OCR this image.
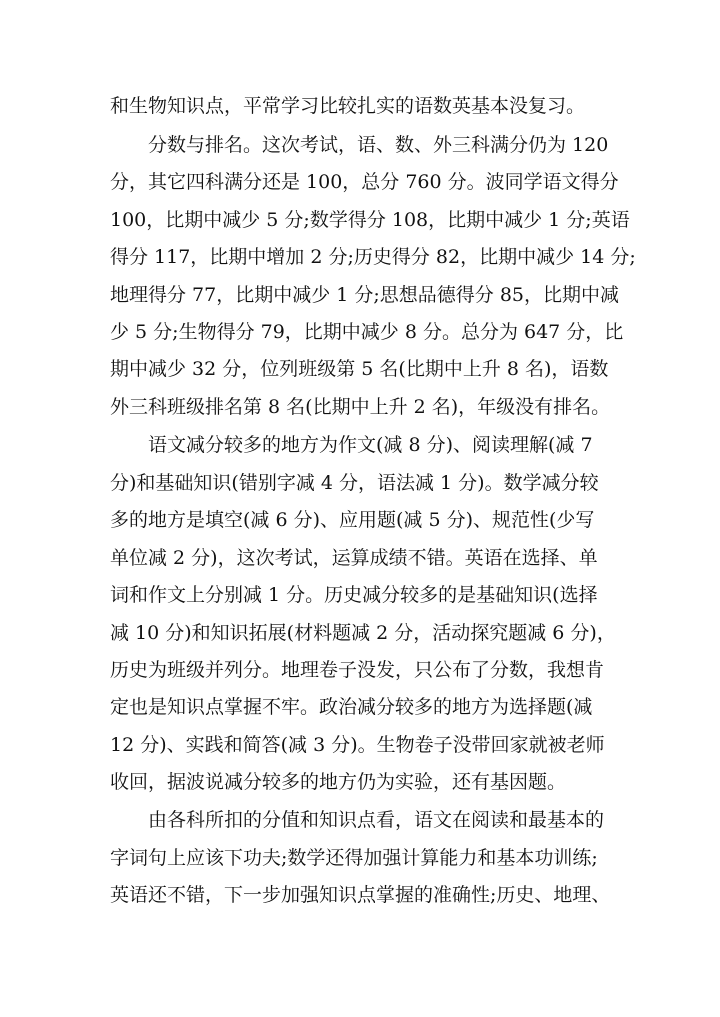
和生物知识点，平常学习比较扎实的语数英基本没复习。
分数与排名。这次考试，语、数、外三科满分仍为 120
分，其它四科满分还是 100，总分 760 分。波同学语文得分
100，比期中减少 5 分;数学得分 108，比期中减少 1 分;英语
得分 117，比期中增加 2 分;历史得分 82，比期中减少 14 分;
地理得分 77，比期中减少 1 分;思想品德得分 85，比期中减
少 5 分;生物得分 79，比期中减少 8 分。总分为 647 分，比
期中减少 32 分，位列班级第 5 名(比期中上升 8 名)，语数
外三科班级排名第 8 名(比期中上升 2 名)，年级没有排名。
语文减分较多的地方为作文(减 8 分)、阅读理解(减 7
分)和基础知识(错别字减 4 分，语法减 1 分)。数学减分较
多的地方是填空(减 6 分)、应用题(减 5 分)、规范性(少写
单位减 2 分)，这次考试，运算成绩不错。英语在选择、单
词和作文上分别减 1 分。历史减分较多的是基础知识(选择
减 10 分)和知识拓展(材料题减 2 分，活动探究题减 6 分)，
历史为班级并列分。地理卷子没发，只公布了分数，我想肯
定也是知识点掌握不牢。政治减分较多的地方为选择题(减
12 分)、实践和简答(减 3 分)。生物卷子没带回家就被老师
收回，据波说减分较多的地方仍为实验，还有基因题。
由各科所扣的分值和知识点看，语文在阅读和最基本的
字词句上应该下功夫;数学还得加强计算能力和基本功训练;
英语还不错，下一步加强知识点掌握的准确性;历史、地理、
